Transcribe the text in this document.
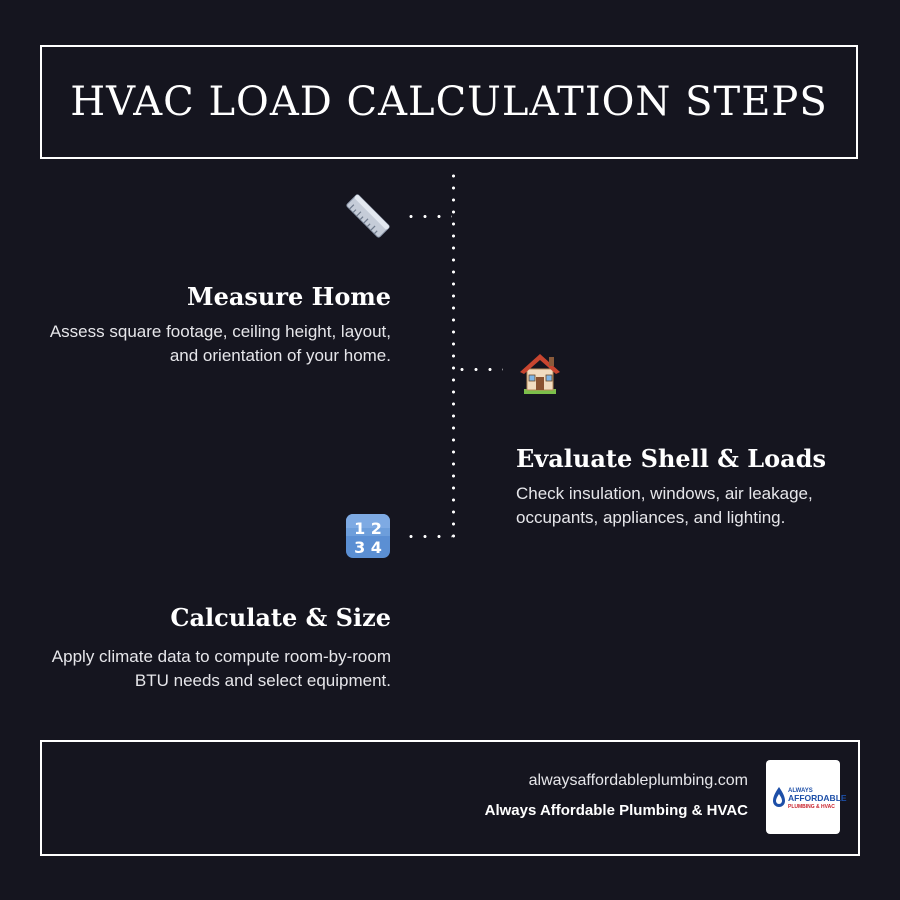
HVAC LOAD CALCULATION STEPS
Measure Home

Assess square footage, ceiling height, layout, and orientation of your home.

Evaluate Shell & Loads

Check insulation, windows, air leakage, occupants, appliances, and lighting.

1 2
3 4
Calculate & Size

Apply climate data to compute room-by-room BTU needs and select equipment.

alwaysaffordableplumbing.com
Always Affordable Plumbing & HVAC
ALWAYS
AFFORDABLE
PLUMBING & HVAC
